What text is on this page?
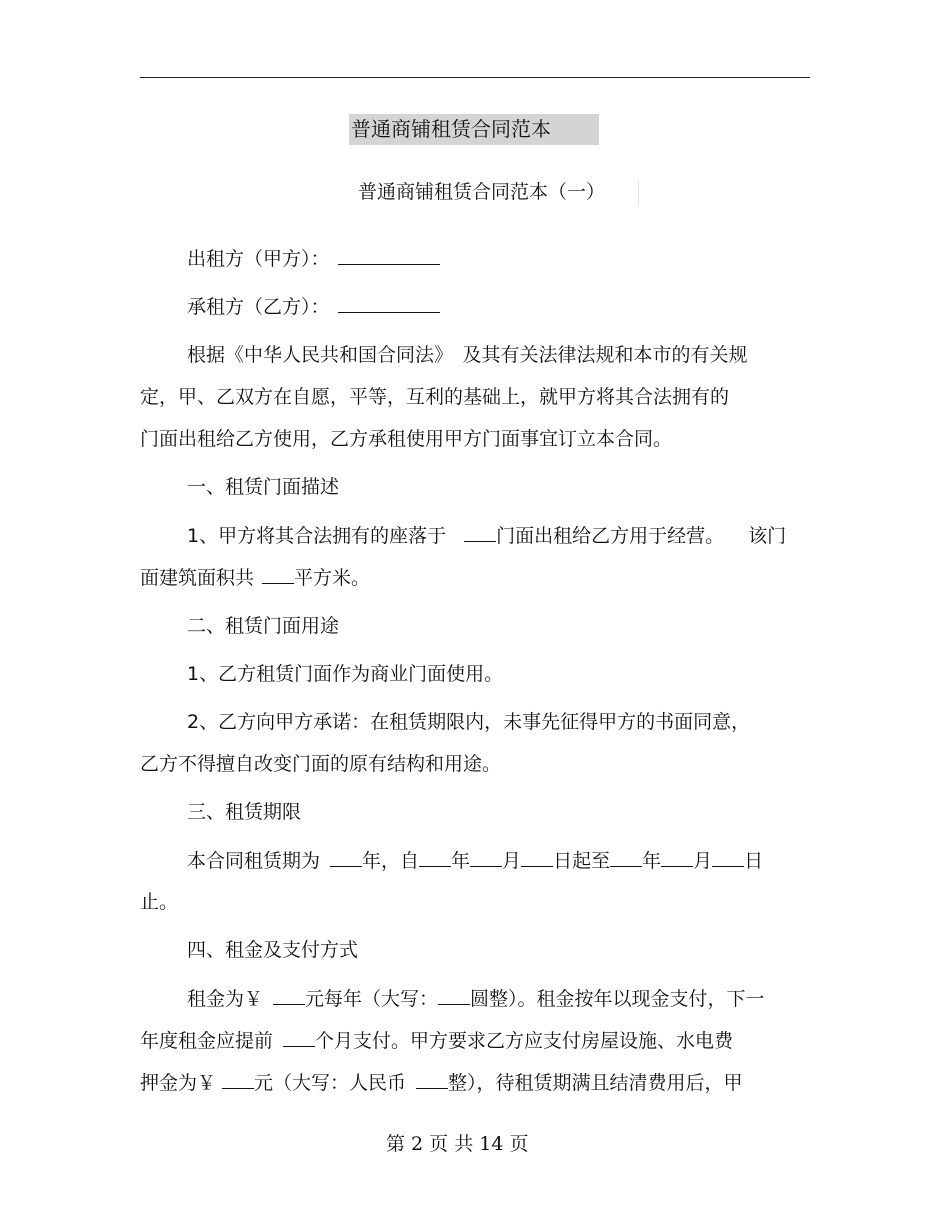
普通商铺租赁合同范本
普通商铺租赁合同范本（一）
出租方（甲方）：
承租方（乙方）：
根据《中华人民共和国合同法》　及其有关法律法规和本市的有关规
定，甲、乙双方在自愿，平等，互利的基础上，就甲方将其合法拥有的
门面出租给乙方使用，乙方承租使用甲方门面事宜订立本合同。
一、租赁门面描述
1、甲方将其合法拥有的座落于	门面出租给乙方用于经营。 该门
面建筑面积共 平方米。
二、租赁门面用途
1、乙方租赁门面作为商业门面使用。
2、乙方向甲方承诺：在租赁期限内，未事先征得甲方的书面同意，
乙方不得擅自改变门面的原有结构和用途。
三、租赁期限
本合同租赁期为 年，自 年 月 日起至 年 月 日
止。
四、租金及支付方式
租金为￥ 元每年（大写： 圆整）。租金按年以现金支付，下一
年度租金应提前 个月支付。甲方要求乙方应支付房屋设施、水电费
押金为￥ 元（大写：人民币 整），待租赁期满且结清费用后，甲
第 2 页 共 14 页
